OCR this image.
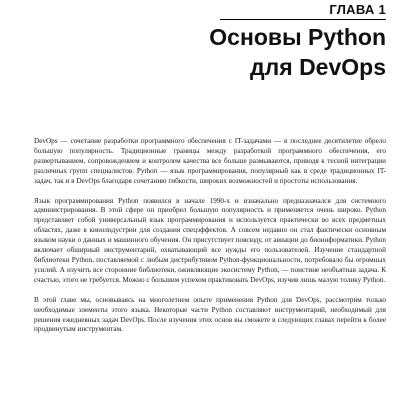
ГЛАВА 1
Основы Python
для DevOps

DevOps — сочетание разработки программного обеспечения с IT-задачами — в последнее десятилетие обрело большую популярность. Традиционные границы между разработкой программного обеспечения, его развертыванием, сопровождением и контролем качества все больше размываются, приводя к тесной интеграции различных групп специалистов. Python — язык программирования, популярный как в среде традиционных IT-задач, так и в DevOps благодаря сочетанию гибкости, широких возможностей и простоты использования.

Язык программирования Python появился в начале 1990-х и изначально предназначался для системного администрирования. В этой сфере он приобрел большую популярность и применяется очень широко. Python представляет собой универсальный язык программирования и используется практически во всех предметных областях, даже в кинолндустрии для создания спецэффектов. А совсем недавно он стал фактически основным языком науки о данных и машинного обучения. Он присутствует повсюду, от авиации до биоинформатики. Python включает обширный инструментарий, охватывающий все нужды его пользователей. Изучение стандартной библиотеки Python, поставляемой с любым дистрибутивом Python-функциональности, потребовало бы огромных усилий. А изучить все сторонние библиотеки, оживляющие экосистему Python, — поистине необъятная задача. К счастью, этого не требуется. Можно с большим успехом практиковать DevOps, изучив лишь малую толику Python.

В этой главе мы, основываясь на многолетнем опыте применения Python для DevOps, рассмотрим только необходимые элементы этого языка. Некоторые части Python составляют инструментарий, необходимый для решения ежедневных задач DevOps. После изучения этих основ вы сможете в следующих главах перейти к более продвинутым инструментам.
